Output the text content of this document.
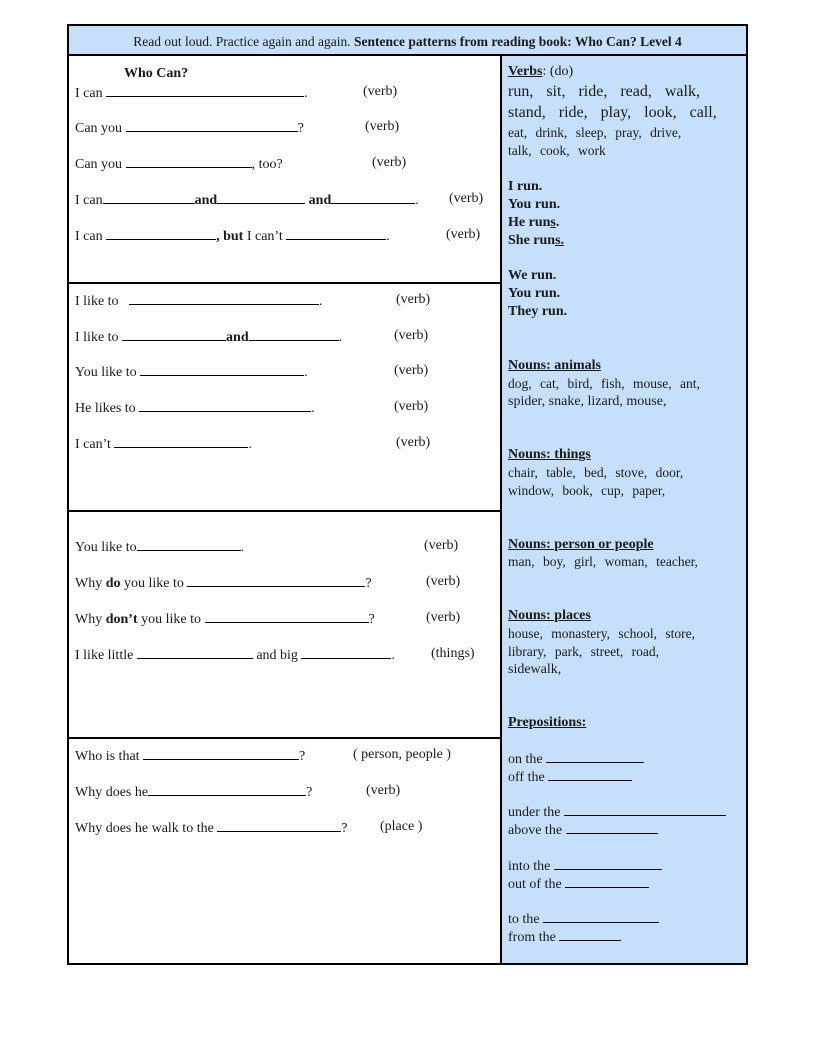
Read out loud. Practice again and again. Sentence patterns from reading book: Who Can? Level 4
Who Can?
I can	.	(verb)
Can you	?	(verb)
Can you	, too?	(verb)
I can	and	and	. (verb)
I can	, but I can’t	.	(verb)
I like to	.	(verb)
I like to	and	.	(verb)
You like to	.	(verb)
He likes to	.	(verb)
I can’t	.	(verb)
You like to	.	(verb)
Why do you like to	?	(verb)
Why don’t you like to	?	(verb)
I like little	and big	.	(things)
Who is that	?	( person, people )
Why does he	?	(verb)
Why does he walk to the	? (place )
Verbs: (do)
run, sit, ride, read, walk,
stand, ride, play, look, call,
eat, drink, sleep, pray, drive,
talk, cook, work
I run.
You run.
He runs.
She runs.
We run.
You run.
They run.
Nouns: animals
dog, cat, bird, fish, mouse, ant,
spider, snake, lizard, mouse,
Nouns: things
chair, table, bed, stove, door,
window, book, cup, paper,
Nouns: person or people
man, boy, girl, woman, teacher,
Nouns: places
house, monastery, school, store,
library, park, street, road,
sidewalk,
Prepositions:
on the
off the
under the
above the
into the
out of the
to the
from the
